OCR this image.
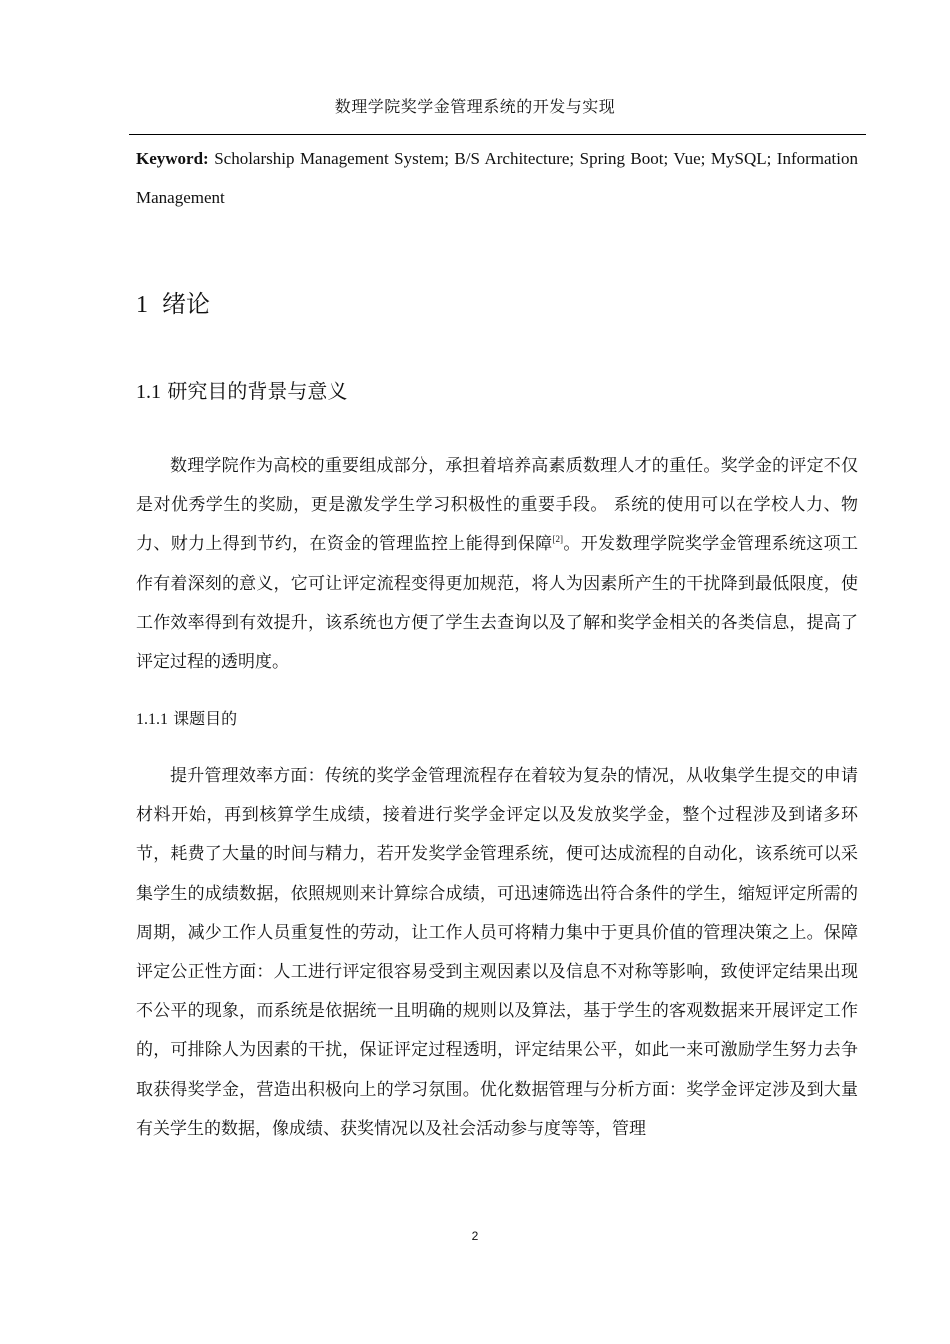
数理学院奖学金管理系统的开发与实现
Keyword: Scholarship Management System; B/S Architecture; Spring Boot; Vue; MySQL; Information Management
1 绪论
1.1 研究目的背景与意义
数理学院作为高校的重要组成部分，承担着培养高素质数理人才的重任。奖学金的评定不仅是对优秀学生的奖励，更是激发学生学习积极性的重要手段。 系统的使用可以在学校人力、物力、财力上得到节约，在资金的管理监控上能得到保障[2]。开发数理学院奖学金管理系统这项工作有着深刻的意义，它可让评定流程变得更加规范，将人为因素所产生的干扰降到最低限度，使工作效率得到有效提升，该系统也方便了学生去查询以及了解和奖学金相关的各类信息，提高了评定过程的透明度。
1.1.1 课题目的
提升管理效率方面：传统的奖学金管理流程存在着较为复杂的情况，从收集学生提交的申请材料开始，再到核算学生成绩，接着进行奖学金评定以及发放奖学金，整个过程涉及到诸多环节，耗费了大量的时间与精力，若开发奖学金管理系统，便可达成流程的自动化，该系统可以采集学生的成绩数据，依照规则来计算综合成绩，可迅速筛选出符合条件的学生，缩短评定所需的周期，减少工作人员重复性的劳动，让工作人员可将精力集中于更具价值的管理决策之上。保障评定公正性方面：人工进行评定很容易受到主观因素以及信息不对称等影响，致使评定结果出现不公平的现象，而系统是依据统一且明确的规则以及算法，基于学生的客观数据来开展评定工作的，可排除人为因素的干扰，保证评定过程透明，评定结果公平，如此一来可激励学生努力去争取获得奖学金，营造出积极向上的学习氛围。优化数据管理与分析方面：奖学金评定涉及到大量有关学生的数据，像成绩、获奖情况以及社会活动参与度等等，管理
2
